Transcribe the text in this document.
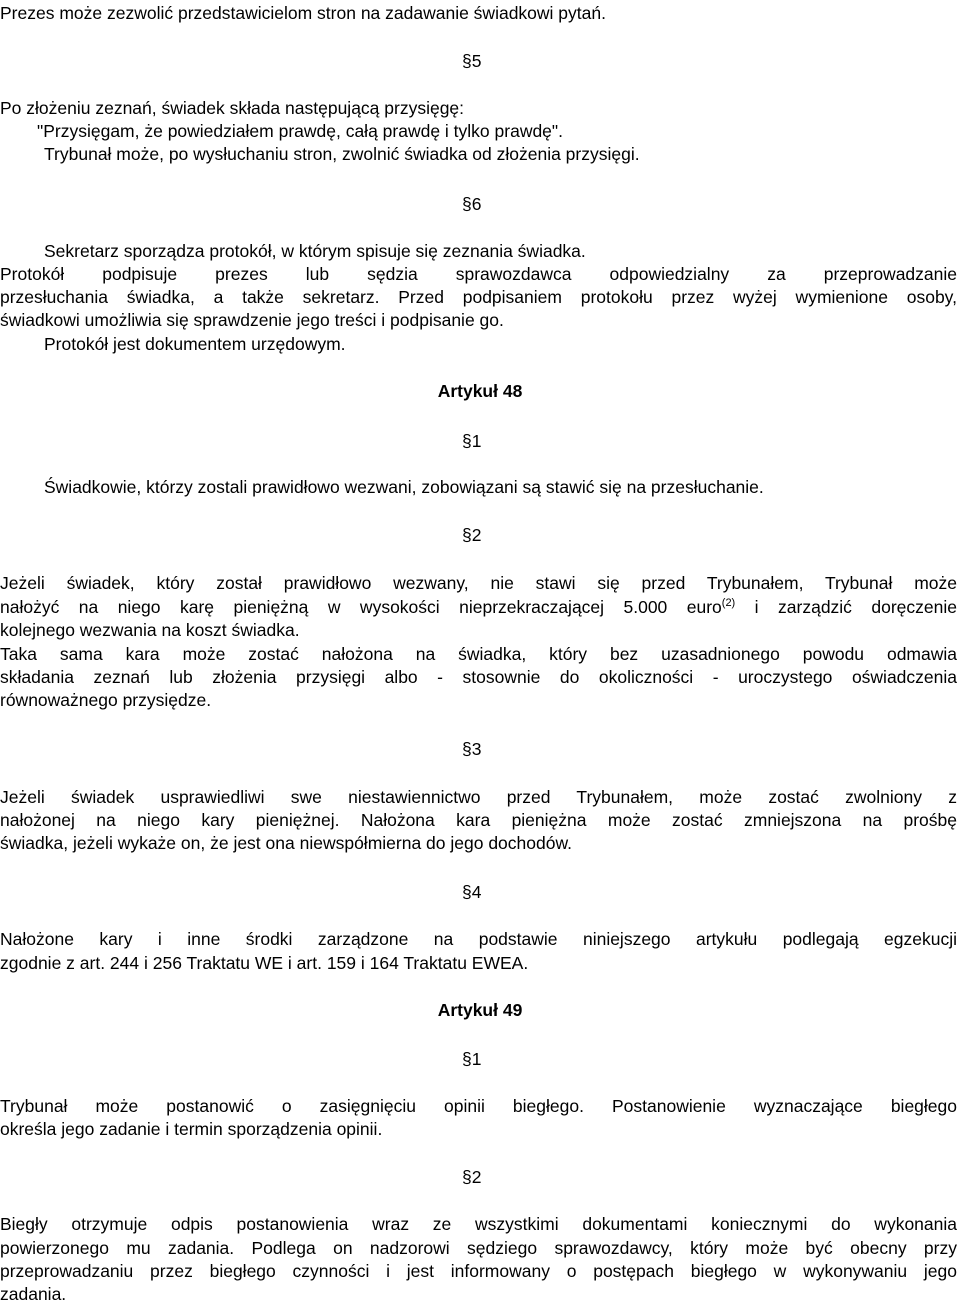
Prezes może zezwolić przedstawicielom stron na zadawanie świadkowi pytań.
§5
Po złożeniu zeznań, świadek składa następującą przysięgę:
"Przysięgam, że powiedziałem prawdę, całą prawdę i tylko prawdę".
Trybunał może, po wysłuchaniu stron, zwolnić świadka od złożenia przysięgi.
§6
Sekretarz sporządza protokół, w którym spisuje się zeznania świadka.
Protokół podpisuje prezes lub sędzia sprawozdawca odpowiedzialny za przeprowadzanie
przesłuchania świadka, a także sekretarz. Przed podpisaniem protokołu przez wyżej wymienione osoby,
świadkowi umożliwia się sprawdzenie jego treści i podpisanie go.
Protokół jest dokumentem urzędowym.
Artykuł 48
§1
Świadkowie, którzy zostali prawidłowo wezwani, zobowiązani są stawić się na przesłuchanie.
§2
Jeżeli świadek, który został prawidłowo wezwany, nie stawi się przed Trybunałem, Trybunał może
nałożyć na niego karę pieniężną w wysokości nieprzekraczającej 5.000 euro$^{(2)}$ i zarządzić doręczenie
kolejnego wezwania na koszt świadka.
Taka sama kara może zostać nałożona na świadka, który bez uzasadnionego powodu odmawia
składania zeznań lub złożenia przysięgi albo - stosownie do okoliczności - uroczystego oświadczenia
równoważnego przysiędze.
§3
Jeżeli świadek usprawiedliwi swe niestawiennictwo przed Trybunałem, może zostać zwolniony z
nałożonej na niego kary pieniężnej. Nałożona kara pieniężna może zostać zmniejszona na prośbę
świadka, jeżeli wykaże on, że jest ona niewspółmierna do jego dochodów.
§4
Nałożone kary i inne środki zarządzone na podstawie niniejszego artykułu podlegają egzekucji
zgodnie z art. 244 i 256 Traktatu WE i art. 159 i 164 Traktatu EWEA.
Artykuł 49
§1
Trybunał może postanowić o zasięgnięciu opinii biegłego. Postanowienie wyznaczające biegłego
określa jego zadanie i termin sporządzenia opinii.
§2
Biegły otrzymuje odpis postanowienia wraz ze wszystkimi dokumentami koniecznymi do wykonania
powierzonego mu zadania. Podlega on nadzorowi sędziego sprawozdawcy, który może być obecny przy
przeprowadzaniu przez biegłego czynności i jest informowany o postępach biegłego w wykonywaniu jego
zadania.
